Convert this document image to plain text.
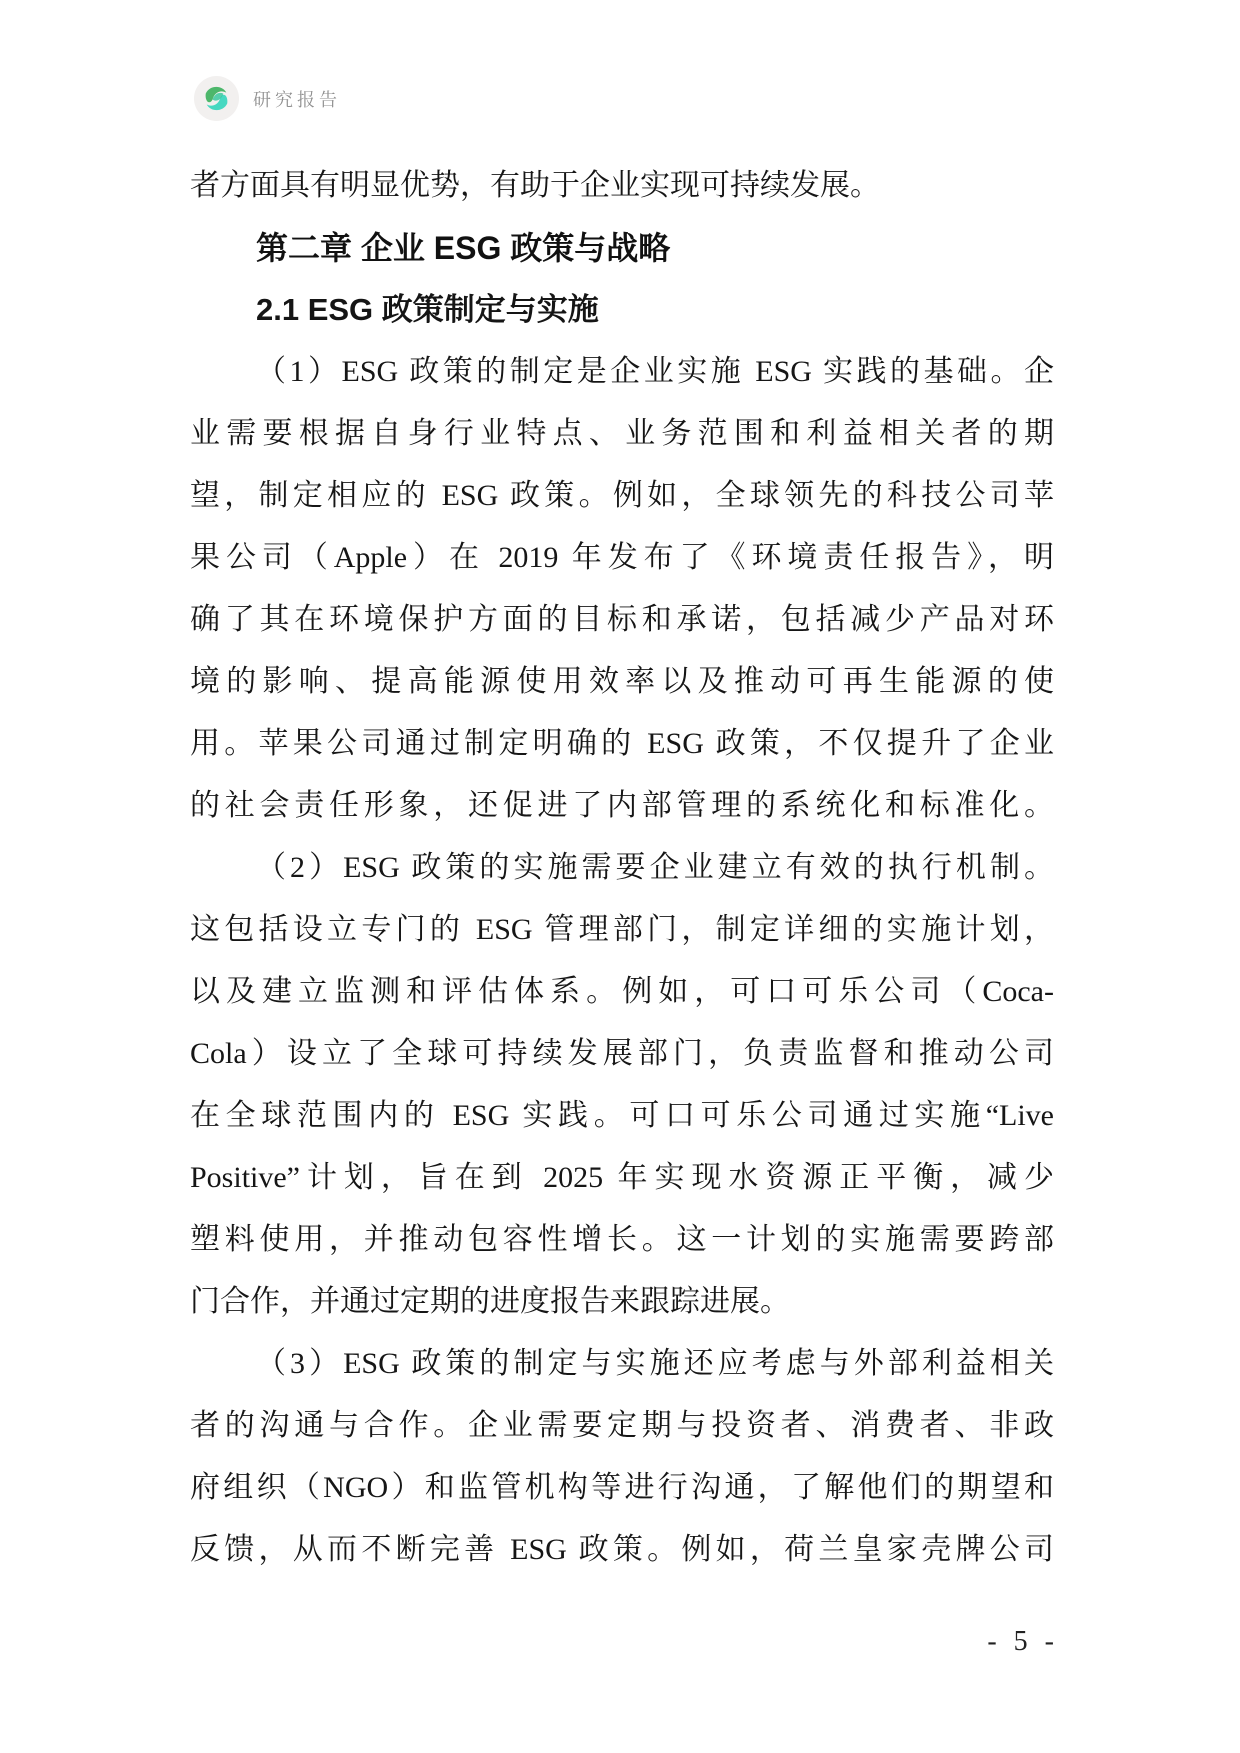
研究报告
者方面具有明显优势，有助于企业实现可持续发展。
第二章 企业 ESG 政策与战略
2.1 ESG 政策制定与实施
（1）ESG 政策的制定是企业实施 ESG 实践的基础。企
业需要根据自身行业特点、业务范围和利益相关者的期
望，制定相应的 ESG 政策。例如，全球领先的科技公司苹
果公司（Apple）在 2019 年发布了《环境责任报告》，明
确了其在环境保护方面的目标和承诺，包括减少产品对环
境的影响、提高能源使用效率以及推动可再生能源的使
用。苹果公司通过制定明确的 ESG 政策，不仅提升了企业
的社会责任形象，还促进了内部管理的系统化和标准化。
（2）ESG 政策的实施需要企业建立有效的执行机制。
这包括设立专门的 ESG 管理部门，制定详细的实施计划，
以及建立监测和评估体系。例如，可口可乐公司（Coca-
Cola）设立了全球可持续发展部门，负责监督和推动公司
在全球范围内的 ESG 实践。可口可乐公司通过实施“Live
Positive”计划，旨在到 2025 年实现水资源正平衡，减少
塑料使用，并推动包容性增长。这一计划的实施需要跨部
门合作，并通过定期的进度报告来跟踪进展。
（3）ESG 政策的制定与实施还应考虑与外部利益相关
者的沟通与合作。企业需要定期与投资者、消费者、非政
府组织（NGO）和监管机构等进行沟通，了解他们的期望和
反馈，从而不断完善 ESG 政策。例如，荷兰皇家壳牌公司
- 5 -
